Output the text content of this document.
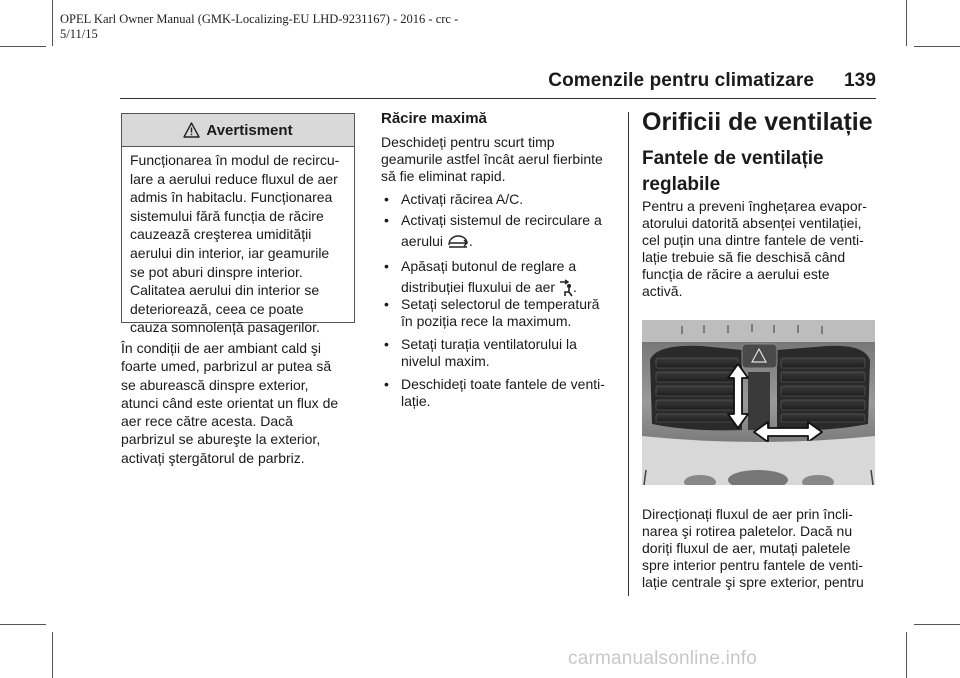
OPEL Karl Owner Manual (GMK-Localizing-EU LHD-9231167) - 2016 - crc -
5/11/15
Comenzile pentru climatizare 139
Avertisment
Funcționarea în modul de recircu-
lare a aerului reduce fluxul de aer
admis în habitaclu. Funcționarea
sistemului fără funcția de răcire
cauzează creşterea umidității
aerului din interior, iar geamurile
se pot aburi dinspre interior.
Calitatea aerului din interior se
deteriorează, ceea ce poate
cauza somnolență pasagerilor.
În condiții de aer ambiant cald şi
foarte umed, parbrizul ar putea să
se aburească dinspre exterior,
atunci când este orientat un flux de
aer rece către acesta. Dacă
parbrizul se abureşte la exterior,
activați ştergătorul de parbriz.
Răcire maximă
Deschideți pentru scurt timp
geamurile astfel încât aerul fierbinte
să fie eliminat rapid.
• Activați răcirea A/C.
• Activați sistemul de recirculare a
aerului .
• Apăsați butonul de reglare a
distribuției fluxului de aer .
• Setați selectorul de temperatură
în poziția rece la maximum.
• Setați turația ventilatorului la
nivelul maxim.
• Deschideți toate fantele de venti-
lație.
Orificii de ventilație
Fantele de ventilație reglabile
Pentru a preveni înghețarea evapor-
atorului datorită absenței ventilației,
cel puțin una dintre fantele de venti-
lație trebuie să fie deschisă când
funcția de răcire a aerului este
activă.
Direcționați fluxul de aer prin încli-
narea şi rotirea paletelor. Dacă nu
doriți fluxul de aer, mutați paletele
spre interior pentru fantele de venti-
lație centrale şi spre exterior, pentru
carmanualsonline.info
